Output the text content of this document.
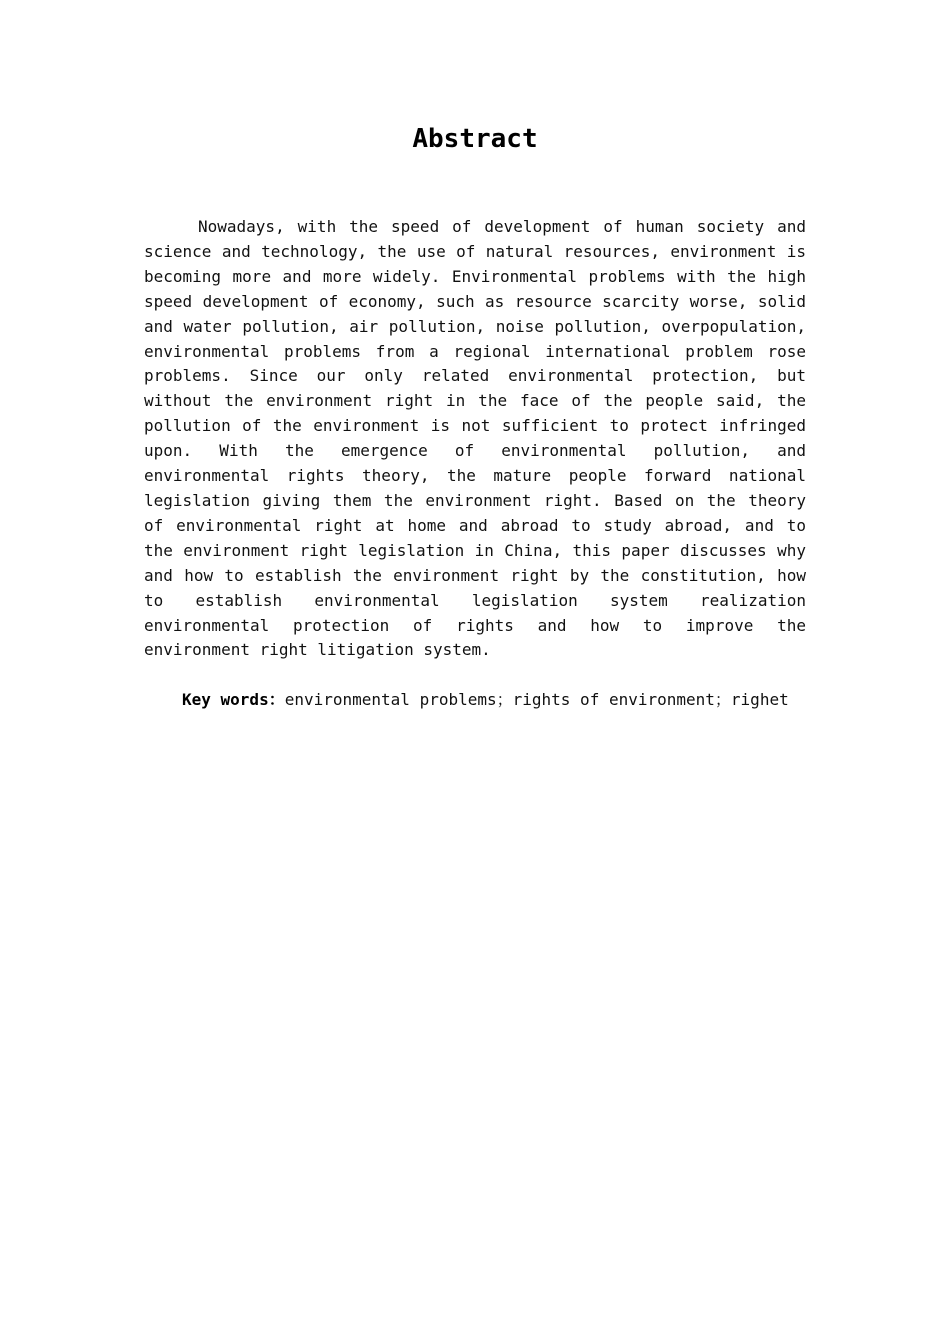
Abstract

Nowadays, with the speed of development of human society and science and technology, the use of natural resources, environment is becoming more and more widely. Environmental problems with the high speed development of economy, such as resource scarcity worse, solid and water pollution, air pollution, noise pollution, overpopulation, environmental problems from a regional international problem rose problems. Since our only related environmental protection, but without the environment right in the face of the people said, the pollution of the environment is not sufficient to protect infringed upon. With the emergence of environmental pollution, and environmental rights theory, the mature people forward national legislation giving them the environment right. Based on the theory of environmental right at home and abroad to study abroad, and to the environment right legislation in China, this paper discusses why and how to establish the environment right by the constitution, how to establish environmental legislation system realization environmental protection of rights and how to improve the environment right litigation system.

Key words：environmental problems；rights of environment；righet
